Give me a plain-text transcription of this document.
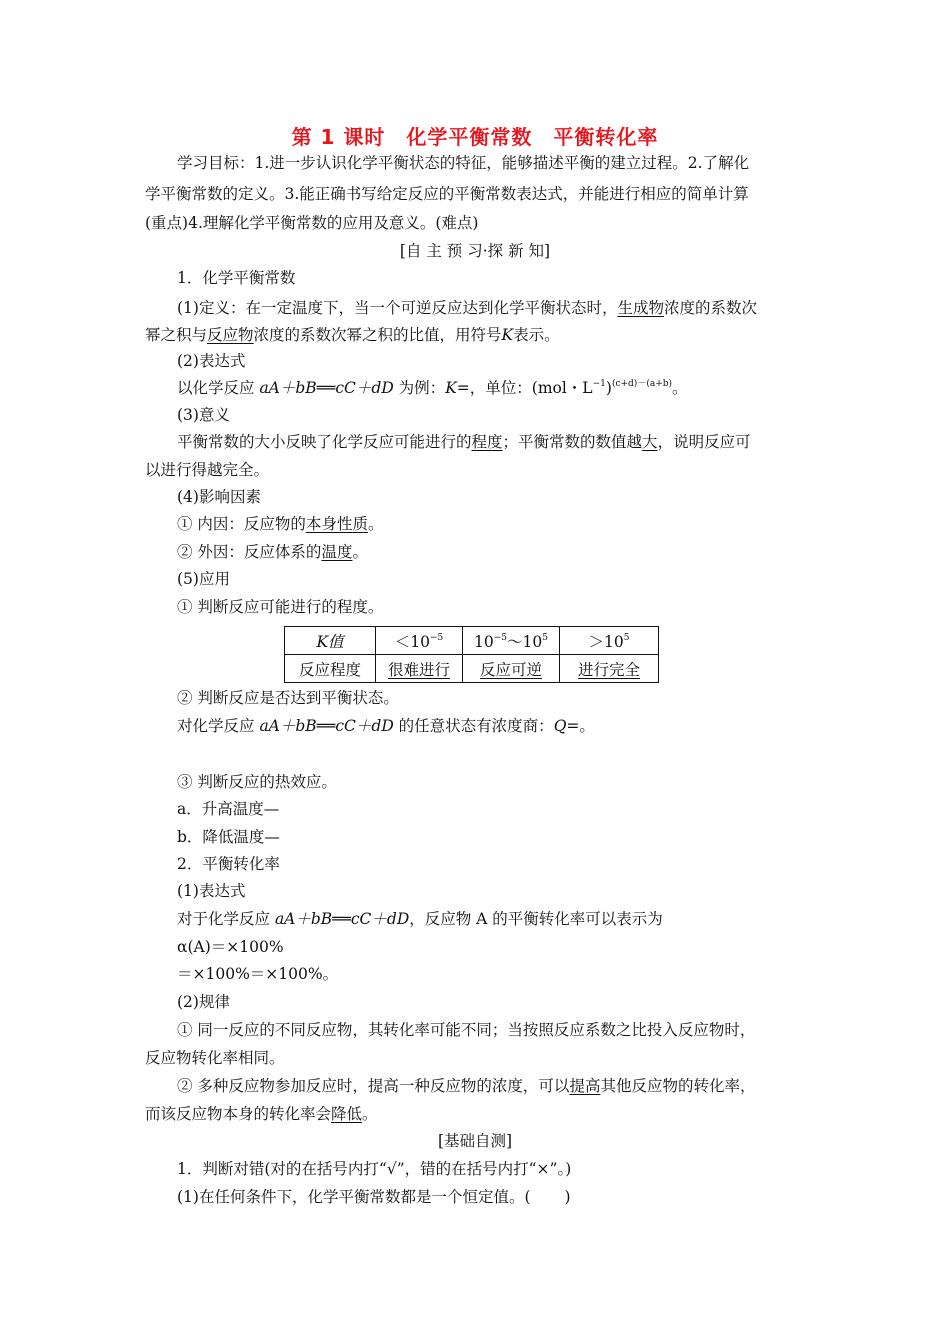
第 1 课时　化学平衡常数　平衡转化率
学习目标：1.进一步认识化学平衡状态的特征，能够描述平衡的建立过程。2.了解化
学平衡常数的定义。3.能正确书写给定反应的平衡常数表达式，并能进行相应的简单计算
(重点)4.理解化学平衡常数的应用及意义。(难点)
[自 主 预 习·探 新 知]
1．化学平衡常数
(1)定义：在一定温度下，当一个可逆反应达到化学平衡状态时，生成物浓度的系数次
幂之积与反应物浓度的系数次幂之积的比值，用符号K表示。
(2)表达式
以化学反应 aA＋bB══cC＋dD 为例：K=，单位：(mol・$L^{-1})^{(c+d)-(a+b)}$。
(3)意义
平衡常数的大小反映了化学反应可能进行的程度；平衡常数的数值越大，说明反应可
以进行得越完全。
(4)影响因素
① 内因：反应物的本身性质。
② 外因：反应体系的温度。
(5)应用
① 判断反应可能进行的程度。
K值	$<10^{-5}$	$10^{-5}\sim 10^5$	$>10^5$
反应程度	很难进行	反应可逆	进行完全
② 判断反应是否达到平衡状态。
对化学反应 aA＋bB══cC＋dD 的任意状态有浓度商：Q=。
③ 判断反应的热效应。
a．升高温度—
b．降低温度—
2．平衡转化率
(1)表达式
对于化学反应 aA＋bB══cC＋dD，反应物 A 的平衡转化率可以表示为
α(A)＝×100%
＝×100%＝×100%。
(2)规律
① 同一反应的不同反应物，其转化率可能不同；当按照反应系数之比投入反应物时，
反应物转化率相同。
② 多种反应物参加反应时，提高一种反应物的浓度，可以提高其他反应物的转化率，
而该反应物本身的转化率会降低。
[基础自测]
1．判断对错(对的在括号内打“√”，错的在括号内打“×”。)
(1)在任何条件下，化学平衡常数都是一个恒定值。( )
